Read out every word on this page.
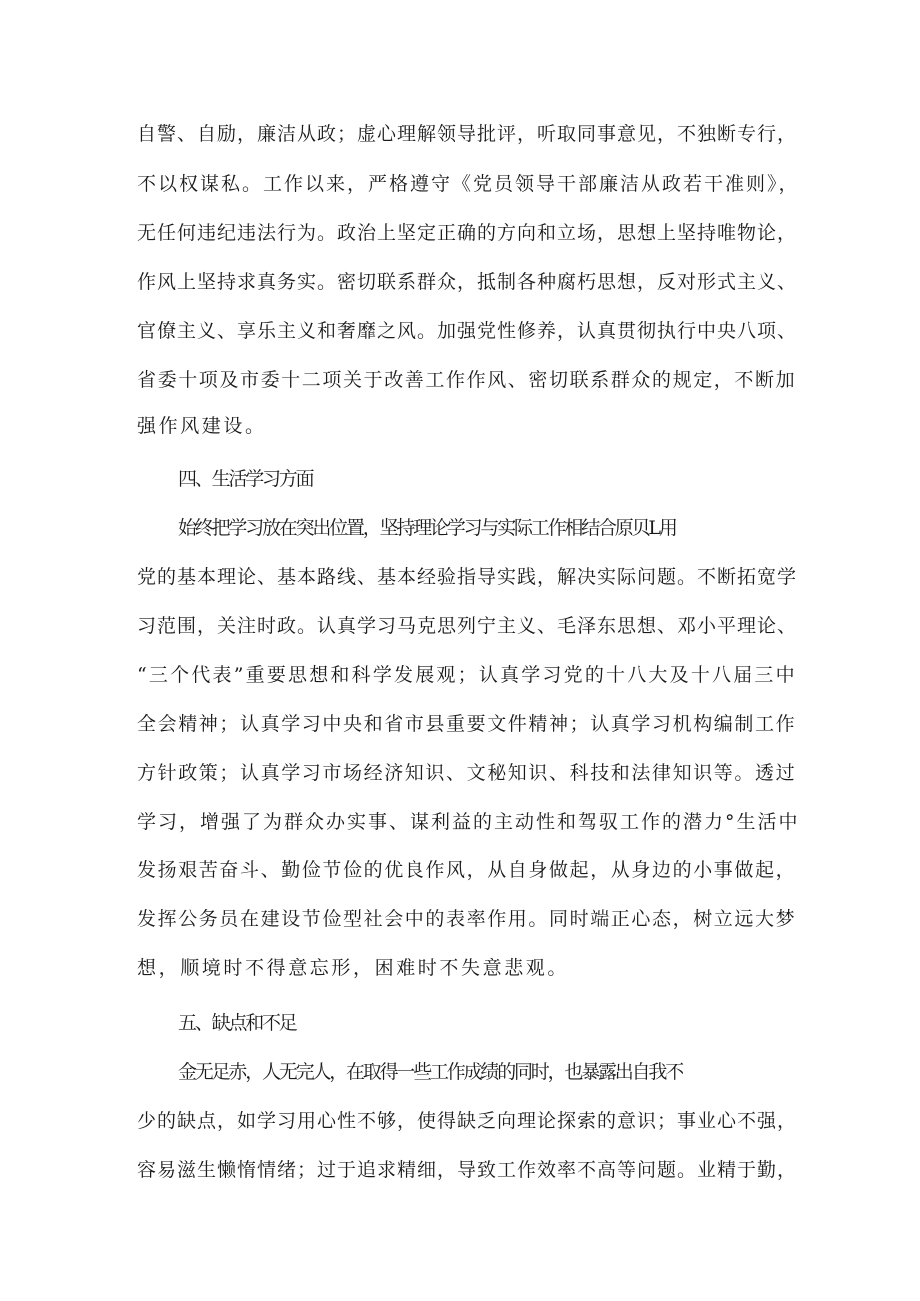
自警、自励，廉洁从政；虚心理解领导批评，听取同事意见，不独断专行，
不以权谋私。工作以来，严格遵守《党员领导干部廉洁从政若干准则》，
无任何违纪违法行为。政治上坚定正确的方向和立场，思想上坚持唯物论，
作风上坚持求真务实。密切联系群众，抵制各种腐朽思想，反对形式主义、
官僚主义、享乐主义和奢靡之风。加强党性修养，认真贯彻执行中央八项、
省委十项及市委十二项关于改善工作作风、密切联系群众的规定，不断加
强作风建设。
四、生活学习方面
始终把学习放在突出位置，坚持理论学习与实际工作相结合原贝L用
党的基本理论、基本路线、基本经验指导实践，解决实际问题。不断拓宽学
习范围，关注时政。认真学习马克思列宁主义、毛泽东思想、邓小平理论、
“三个代表”重要思想和科学发展观；认真学习党的十八大及十八届三中
全会精神；认真学习中央和省市县重要文件精神；认真学习机构编制工作
方针政策；认真学习市场经济知识、文秘知识、科技和法律知识等。透过
学习，增强了为群众办实事、谋利益的主动性和驾驭工作的潜力°生活中
发扬艰苦奋斗、勤俭节俭的优良作风，从自身做起，从身边的小事做起，
发挥公务员在建设节俭型社会中的表率作用。同时端正心态，树立远大梦
想，顺境时不得意忘形，困难时不失意悲观。
五、缺点和不足
金无足赤，人无完人，在取得一些工作成绩的同时，也暴露出自我不
少的缺点，如学习用心性不够，使得缺乏向理论探索的意识；事业心不强，
容易滋生懒惰情绪；过于追求精细，导致工作效率不高等问题。业精于勤，
